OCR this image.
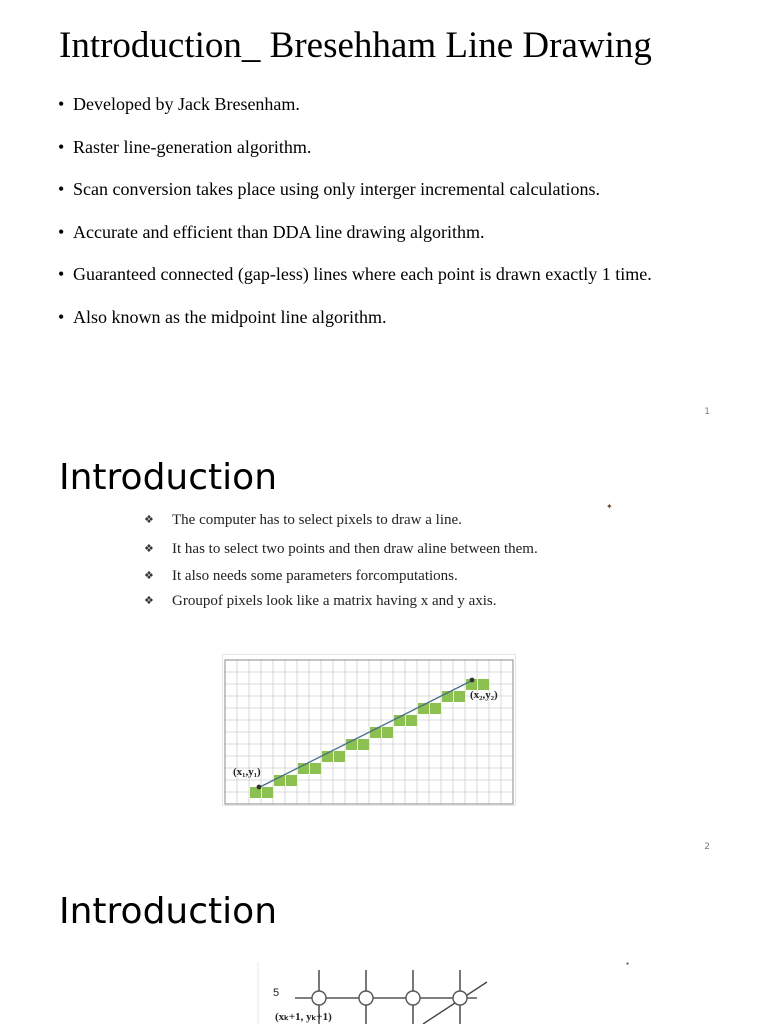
Introduction_ Bresehham Line Drawing
• Developed by Jack Bresenham.
• Raster line-generation algorithm.
• Scan conversion takes place using only interger incremental calculations.
• Accurate and efficient than DDA line drawing algorithm.
• Guaranteed connected (gap-less) lines where each point is drawn exactly 1 time.
• Also known as the midpoint line algorithm.
1
Introduction
✦
❖ The computer has to select pixels to draw a line.
❖ It has to select two points and then draw aline between them.
❖ It also needs some parameters forcomputations.
❖ Groupof pixels look like a matrix having x and y axis.
(x₁,y₁)
(x₂,y₂)
2
Introduction
●
5
(xₖ+1, yₖ+1)
